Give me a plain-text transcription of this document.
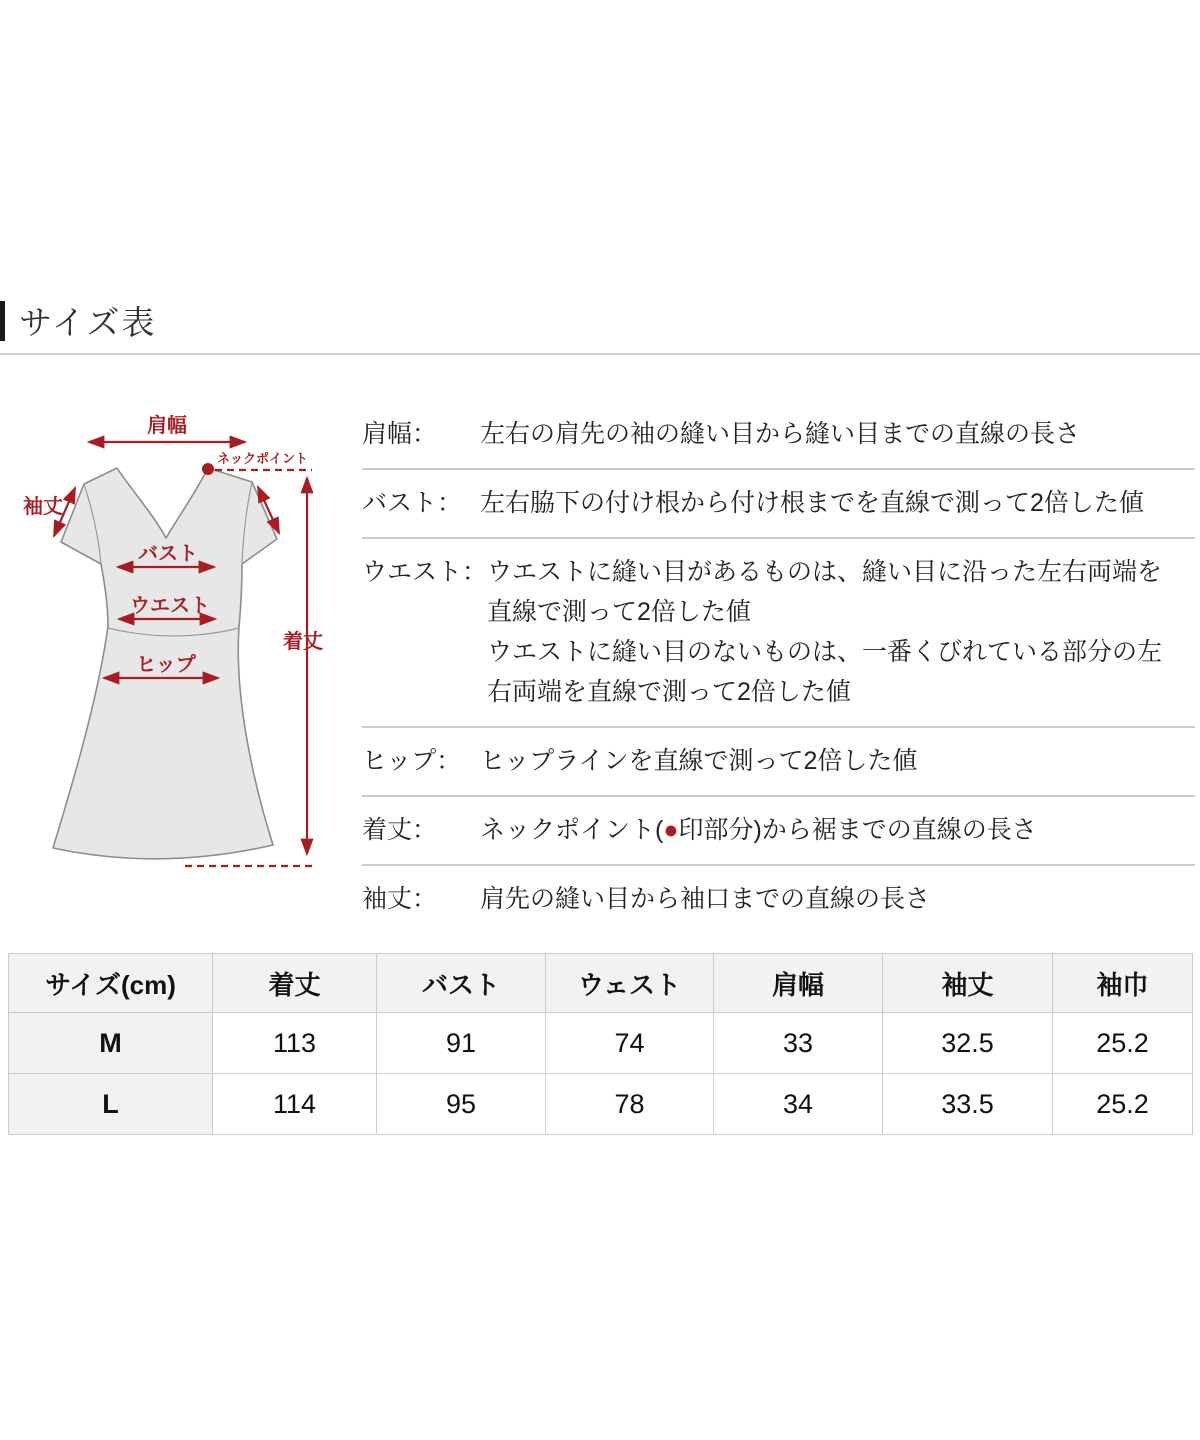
サイズ表
肩幅
ネックポイント
袖丈
バスト
ウエスト
ヒップ
着丈
肩幅：	左右の肩先の袖の縫い目から縫い目までの直線の長さ

バスト： 左右脇下の付け根から付け根までを直線で測って2倍した値

ウエスト： ウエストに縫い目があるものは、縫い目に沿った左右両端を直線で測って2倍した値

ウエストに縫い目のないものは、一番くびれている部分の左右両端を直線で測って2倍した値

ヒップ： ヒップラインを直線で測って2倍した値

着丈：	ネックポイント(●印部分)から裾までの直線の長さ

袖丈：	肩先の縫い目から袖口までの直線の長さ

サイズ(cm)	着丈	バスト	ウェスト	肩幅	袖丈	袖巾
M	113	91	74	33	32.5	25.2
L	114	95	78	34	33.5	25.2
